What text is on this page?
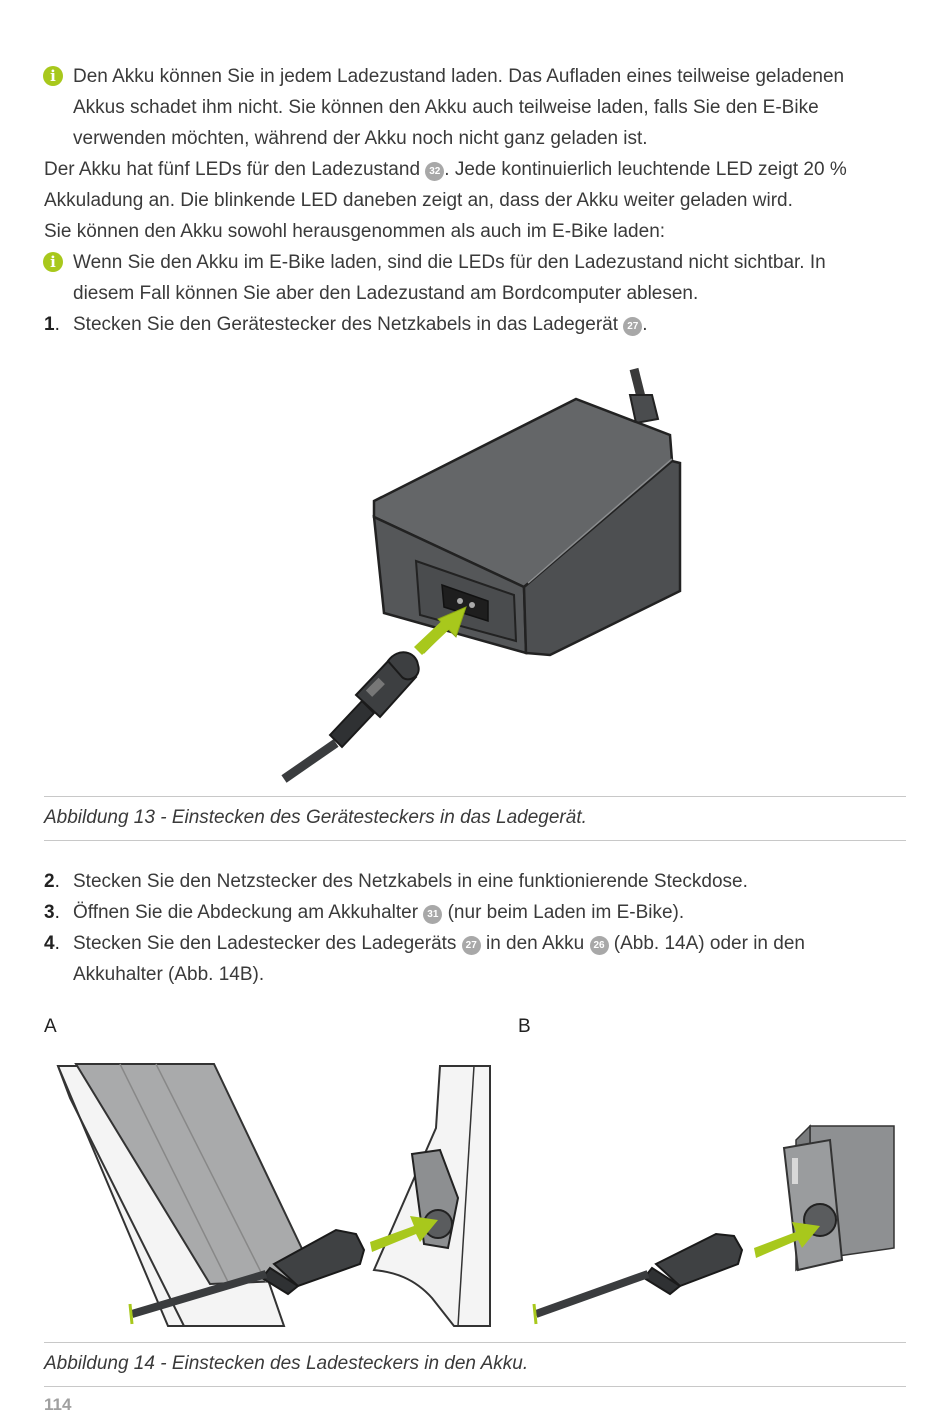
i Den Akku können Sie in jedem Ladezustand laden. Das Aufladen eines teilweise geladenen
Akkus schadet ihm nicht. Sie können den Akku auch teilweise laden, falls Sie den E-Bike
verwenden möchten, während der Akku noch nicht ganz geladen ist.
Der Akku hat fünf LEDs für den Ladezustand 32 . Jede kontinuierlich leuchtende LED zeigt 20 %
Akkuladung an. Die blinkende LED daneben zeigt an, dass der Akku weiter geladen wird.
Sie können den Akku sowohl herausgenommen als auch im E-Bike laden:
i Wenn Sie den Akku im E-Bike laden, sind die LEDs für den Ladezustand nicht sichtbar. In
diesem Fall können Sie aber den Ladezustand am Bordcomputer ablesen.
1. Stecken Sie den Gerätestecker des Netzkabels in das Ladegerät 27 .
Abbildung 13 - Einstecken des Gerätesteckers in das Ladegerät.
2. Stecken Sie den Netzstecker des Netzkabels in eine funktionierende Steckdose.
3. Öffnen Sie die Abdeckung am Akkuhalter 31 (nur beim Laden im E-Bike).
4. Stecken Sie den Ladestecker des Ladegeräts 27 in den Akku 26 (Abb. 14A) oder in den
Akkuhalter (Abb. 14B).
A	B
Abbildung 14 - Einstecken des Ladesteckers in den Akku.
114
